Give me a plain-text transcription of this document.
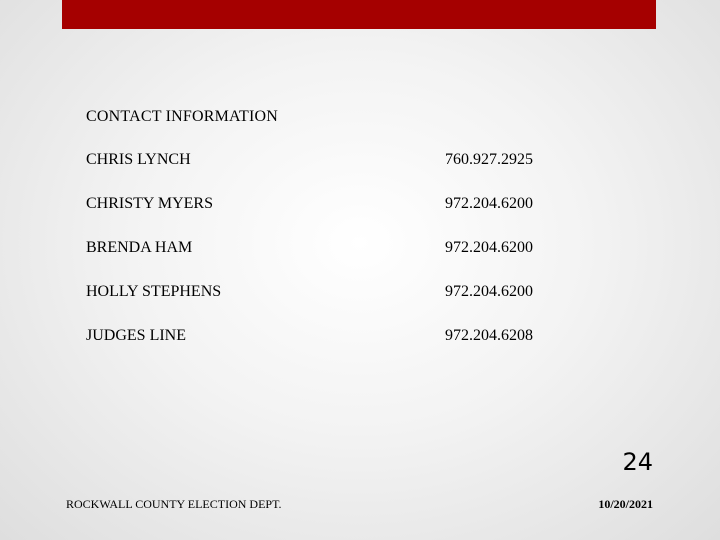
CONTACT INFORMATION
CHRIS LYNCH	760.927.2925
CHRISTY MYERS	972.204.6200
BRENDA HAM	972.204.6200
HOLLY STEPHENS	972.204.6200
JUDGES LINE	972.204.6208
24
ROCKWALL COUNTY ELECTION DEPT.	10/20/2021
